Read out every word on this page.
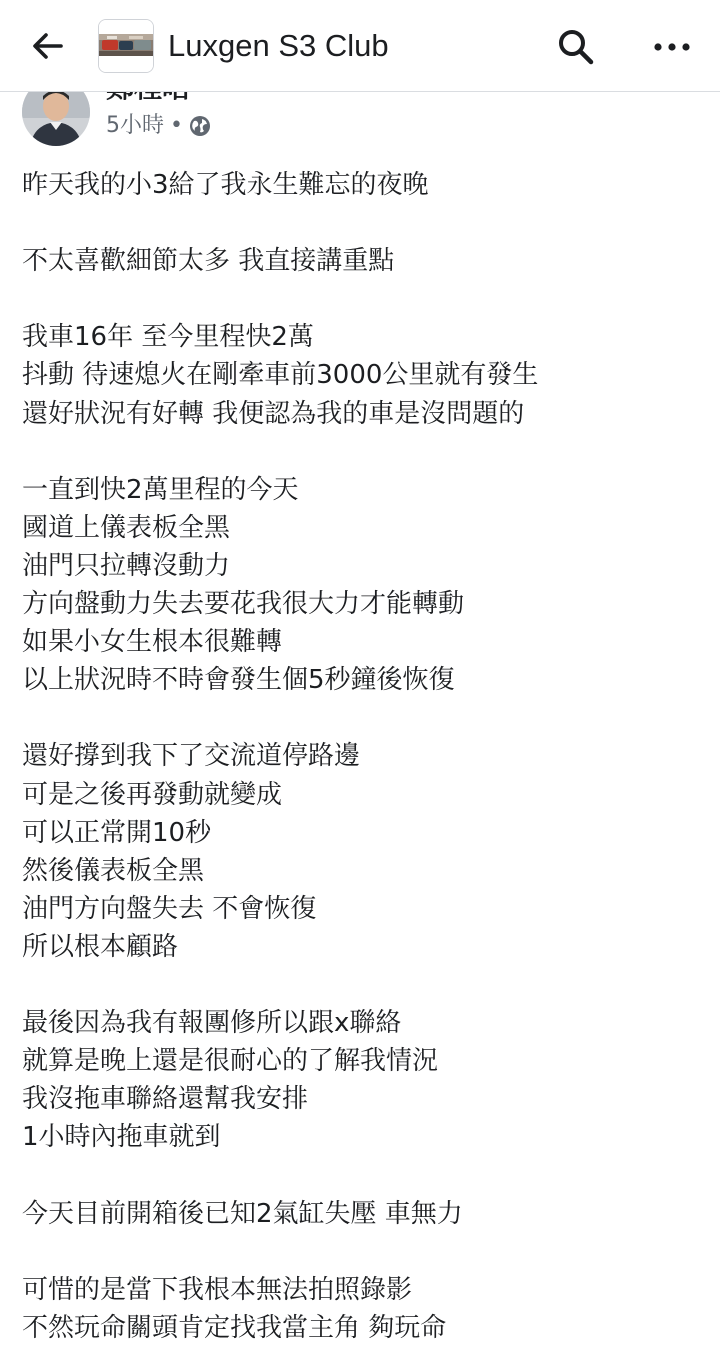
Luxgen S3 Club
5小時 •
昨天我的小3給了我永生難忘的夜晚
不太喜歡細節太多 我直接講重點
我車16年 至今里程快2萬
抖動 待速熄火在剛牽車前3000公里就有發生
還好狀況有好轉 我便認為我的車是沒問題的
一直到快2萬里程的今天
國道上儀表板全黑
油門只拉轉沒動力
方向盤動力失去要花我很大力才能轉動
如果小女生根本很難轉
以上狀況時不時會發生個5秒鐘後恢復
還好撐到我下了交流道停路邊
可是之後再發動就變成
可以正常開10秒
然後儀表板全黑
油門方向盤失去 不會恢復
所以根本顧路
最後因為我有報團修所以跟x聯絡
就算是晚上還是很耐心的了解我情況
我沒拖車聯絡還幫我安排
1小時內拖車就到
今天目前開箱後已知2氣缸失壓 車無力
可惜的是當下我根本無法拍照錄影
不然玩命關頭肯定找我當主角 夠玩命
